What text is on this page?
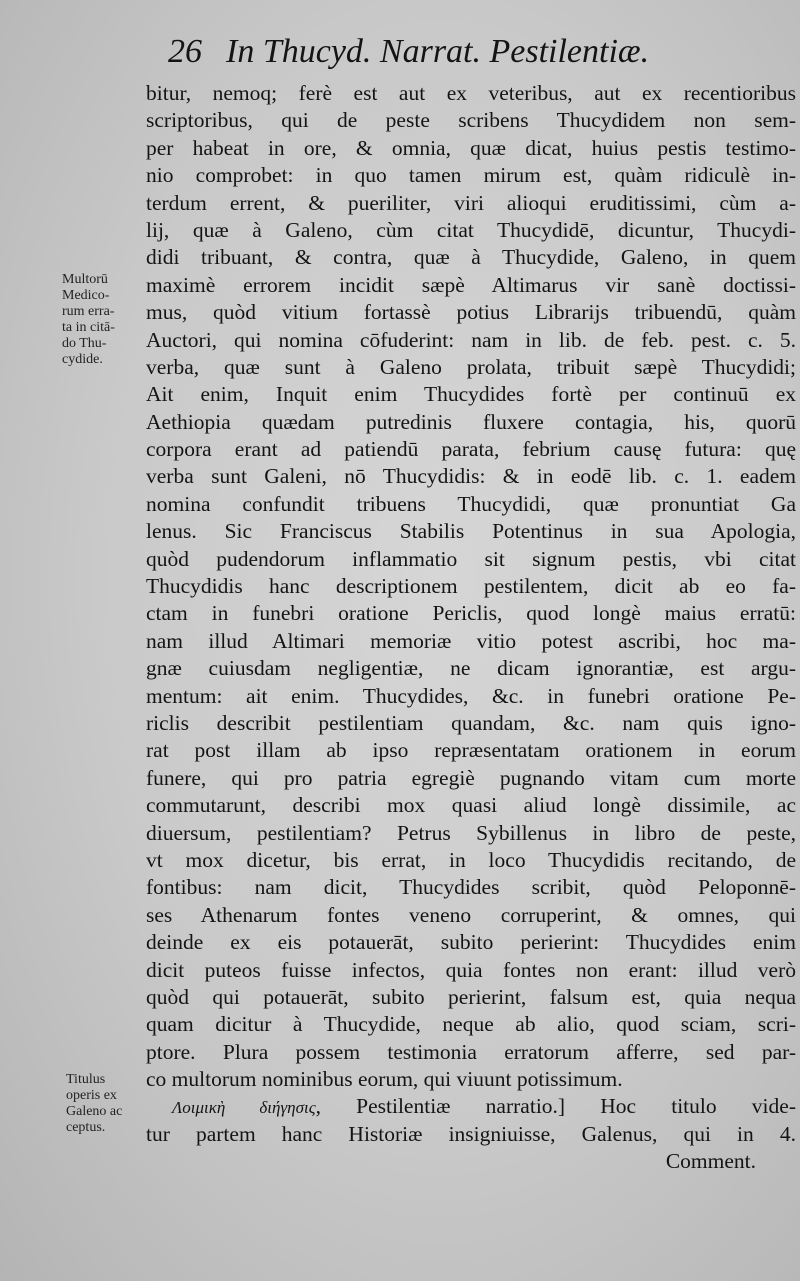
26 In Thucyd. Narrat. Pestilentiæ.
bitur, nemoq; ferè est aut ex veteribus, aut ex recentioribus
scriptoribus, qui de peste scribens Thucydidem non sem-
per habeat in ore, & omnia, quæ dicat, huius pestis testimo-
nio comprobet: in quo tamen mirum est, quàm ridiculè in-
terdum errent, & pueriliter, viri alioqui eruditissimi, cùm a-
lij, quæ à Galeno, cùm citat Thucydidē, dicuntur, Thucydi-
didi tribuant, & contra, quæ à Thucydide, Galeno, in quem
maximè errorem incidit sæpè Altimarus vir sanè doctissi-
mus, quòd vitium fortassè potius Librarijs tribuendū, quàm
Auctori, qui nomina cōfuderint: nam in lib. de feb. pest. c. 5.
verba, quæ sunt à Galeno prolata, tribuit sæpè Thucydidi;
Ait enim, Inquit enim Thucydides fortè per continuū ex
Aethiopia quædam putredinis fluxere contagia, his, quorū
corpora erant ad patiendū parata, febrium causę futura: quę
verba sunt Galeni, nō Thucydidis: & in eodē lib. c. 1. eadem
nomina confundit tribuens Thucydidi, quæ pronuntiat Ga
lenus. Sic Franciscus Stabilis Potentinus in sua Apologia,
quòd pudendorum inflammatio sit signum pestis, vbi citat
Thucydidis hanc descriptionem pestilentem, dicit ab eo fa-
ctam in funebri oratione Periclis, quod longè maius erratū:
nam illud Altimari memoriæ vitio potest ascribi, hoc ma-
gnæ cuiusdam negligentiæ, ne dicam ignorantiæ, est argu-
mentum: ait enim. Thucydides, &c. in funebri oratione Pe-
riclis describit pestilentiam quandam, &c. nam quis igno-
rat post illam ab ipso repræsentatam orationem in eorum
funere, qui pro patria egregiè pugnando vitam cum morte
commutarunt, describi mox quasi aliud longè dissimile, ac
diuersum, pestilentiam? Petrus Sybillenus in libro de peste,
vt mox dicetur, bis errat, in loco Thucydidis recitando, de
fontibus: nam dicit, Thucydides scribit, quòd Peloponnē-
ses Athenarum fontes veneno corruperint, & omnes, qui
deinde ex eis potauerāt, subito perierint: Thucydides enim
dicit puteos fuisse infectos, quia fontes non erant: illud verò
quòd qui potauerāt, subito perierint, falsum est, quia nequa
quam dicitur à Thucydide, neque ab alio, quod sciam, scri-
ptore. Plura possem testimonia erratorum afferre, sed par-
co multorum nominibus eorum, qui viuunt potissimum.
Λοιμικὴ διήγησις, Pestilentiæ narratio.] Hoc titulo vide-
tur partem hanc Historiæ insigniuisse, Galenus, qui in 4.
Comment.
Multorū
Medico-
rum erra-
ta in citā-
do Thu-
cydide.
Titulus
operis ex
Galeno ac
ceptus.
